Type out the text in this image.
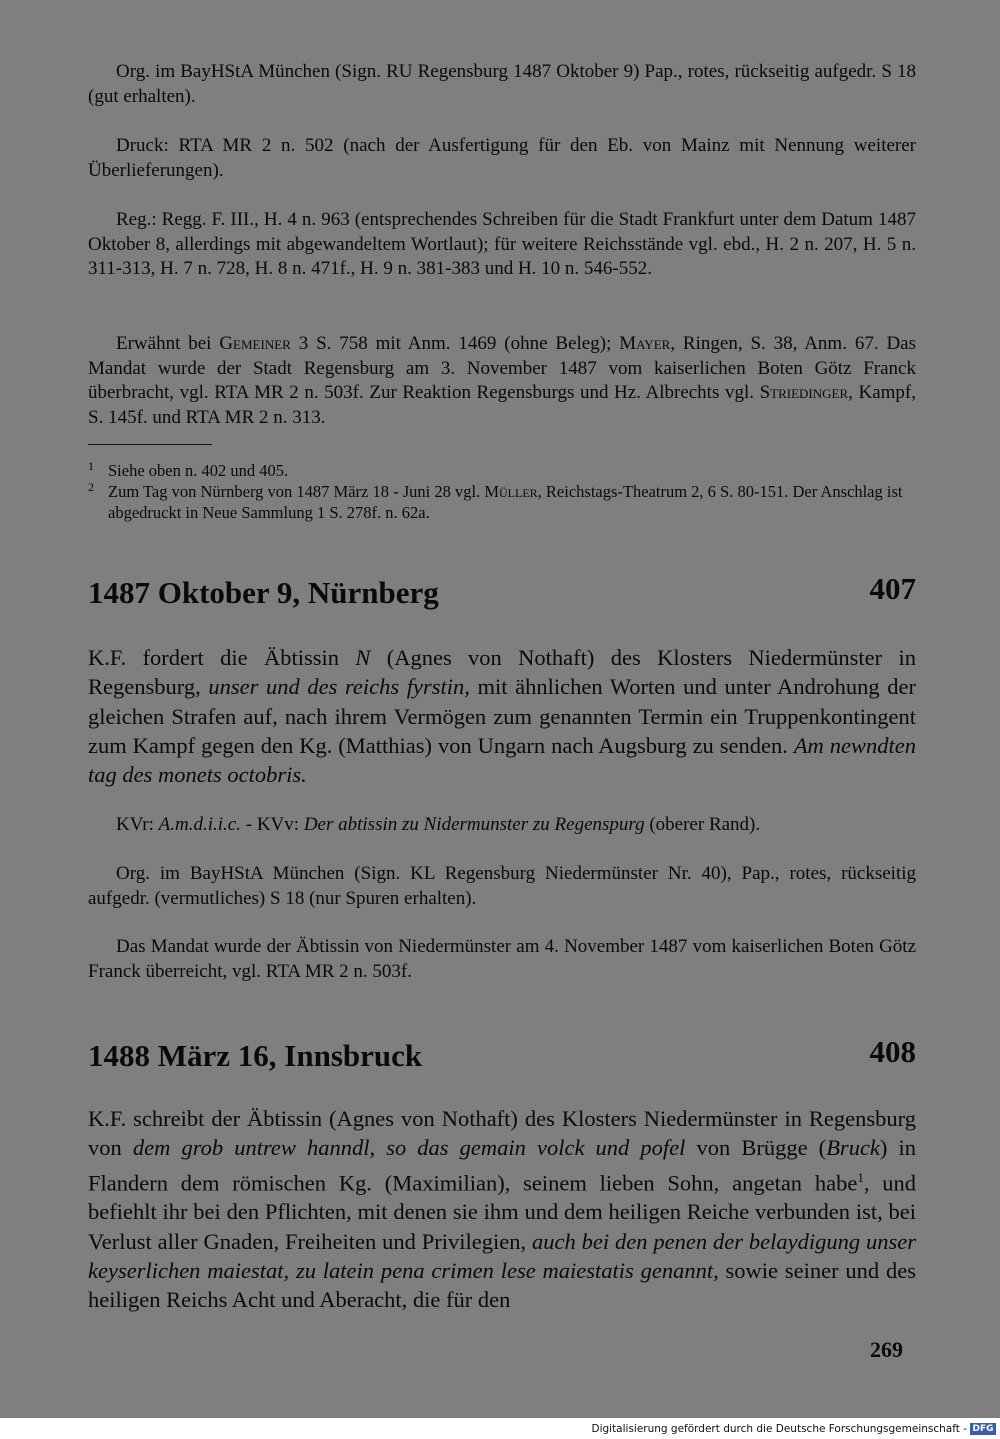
Org. im BayHStA München (Sign. RU Regensburg 1487 Oktober 9) Pap., rotes, rückseitig aufgedr. S 18 (gut erhalten).

Druck: RTA MR 2 n. 502 (nach der Ausfertigung für den Eb. von Mainz mit Nennung weiterer Überlieferungen).

Reg.: Regg. F. III., H. 4 n. 963 (entsprechendes Schreiben für die Stadt Frankfurt unter dem Datum 1487 Oktober 8, allerdings mit abgewandeltem Wortlaut); für weitere Reichsstände vgl. ebd., H. 2 n. 207, H. 5 n. 311-313, H. 7 n. 728, H. 8 n. 471f., H. 9 n. 381-383 und H. 10 n. 546-552.

Erwähnt bei Gemeiner 3 S. 758 mit Anm. 1469 (ohne Beleg); Mayer, Ringen, S. 38, Anm. 67. Das Mandat wurde der Stadt Regensburg am 3. November 1487 vom kaiserlichen Boten Götz Franck überbracht, vgl. RTA MR 2 n. 503f. Zur Reaktion Regensburgs und Hz. Albrechts vgl. Striedinger, Kampf, S. 145f. und RTA MR 2 n. 313.

1 Siehe oben n. 402 und 405.

2 Zum Tag von Nürnberg von 1487 März 18 - Juni 28 vgl. Müller, Reichstags-Theatrum 2, 6 S. 80-151. Der Anschlag ist abgedruckt in Neue Sammlung 1 S. 278f. n. 62a.

1487 Oktober 9, Nürnberg	407

K.F. fordert die Äbtissin N (Agnes von Nothaft) des Klosters Niedermünster in Regensburg, unser und des reichs fyrstin, mit ähnlichen Worten und unter Androhung der gleichen Strafen auf, nach ihrem Vermögen zum genannten Termin ein Truppenkontingent zum Kampf gegen den Kg. (Matthias) von Ungarn nach Augsburg zu senden. Am newndten tag des monets octobris.

KVr: A.m.d.i.i.c. - KVv: Der abtissin zu Nidermunster zu Regenspurg (oberer Rand).

Org. im BayHStA München (Sign. KL Regensburg Niedermünster Nr. 40), Pap., rotes, rückseitig aufgedr. (vermutliches) S 18 (nur Spuren erhalten).

Das Mandat wurde der Äbtissin von Niedermünster am 4. November 1487 vom kaiserlichen Boten Götz Franck überreicht, vgl. RTA MR 2 n. 503f.

1488 März 16, Innsbruck	408

K.F. schreibt der Äbtissin (Agnes von Nothaft) des Klosters Niedermünster in Regensburg von dem grob untrew hanndl, so das gemain volck und pofel von Brügge (Bruck) in Flandern dem römischen Kg. (Maximilian), seinem lieben Sohn, angetan habe$^1$, und befiehlt ihr bei den Pflichten, mit denen sie ihm und dem heiligen Reiche verbunden ist, bei Verlust aller Gnaden, Freiheiten und Privilegien, auch bei den penen der belaydigung unser keyserlichen maiestat, zu latein pena crimen lese maiestatis genannt, sowie seiner und des heiligen Reichs Acht und Aberacht, die für den

269
Digitalisierung gefördert durch die Deutsche Forschungsgemeinschaft - DFG
